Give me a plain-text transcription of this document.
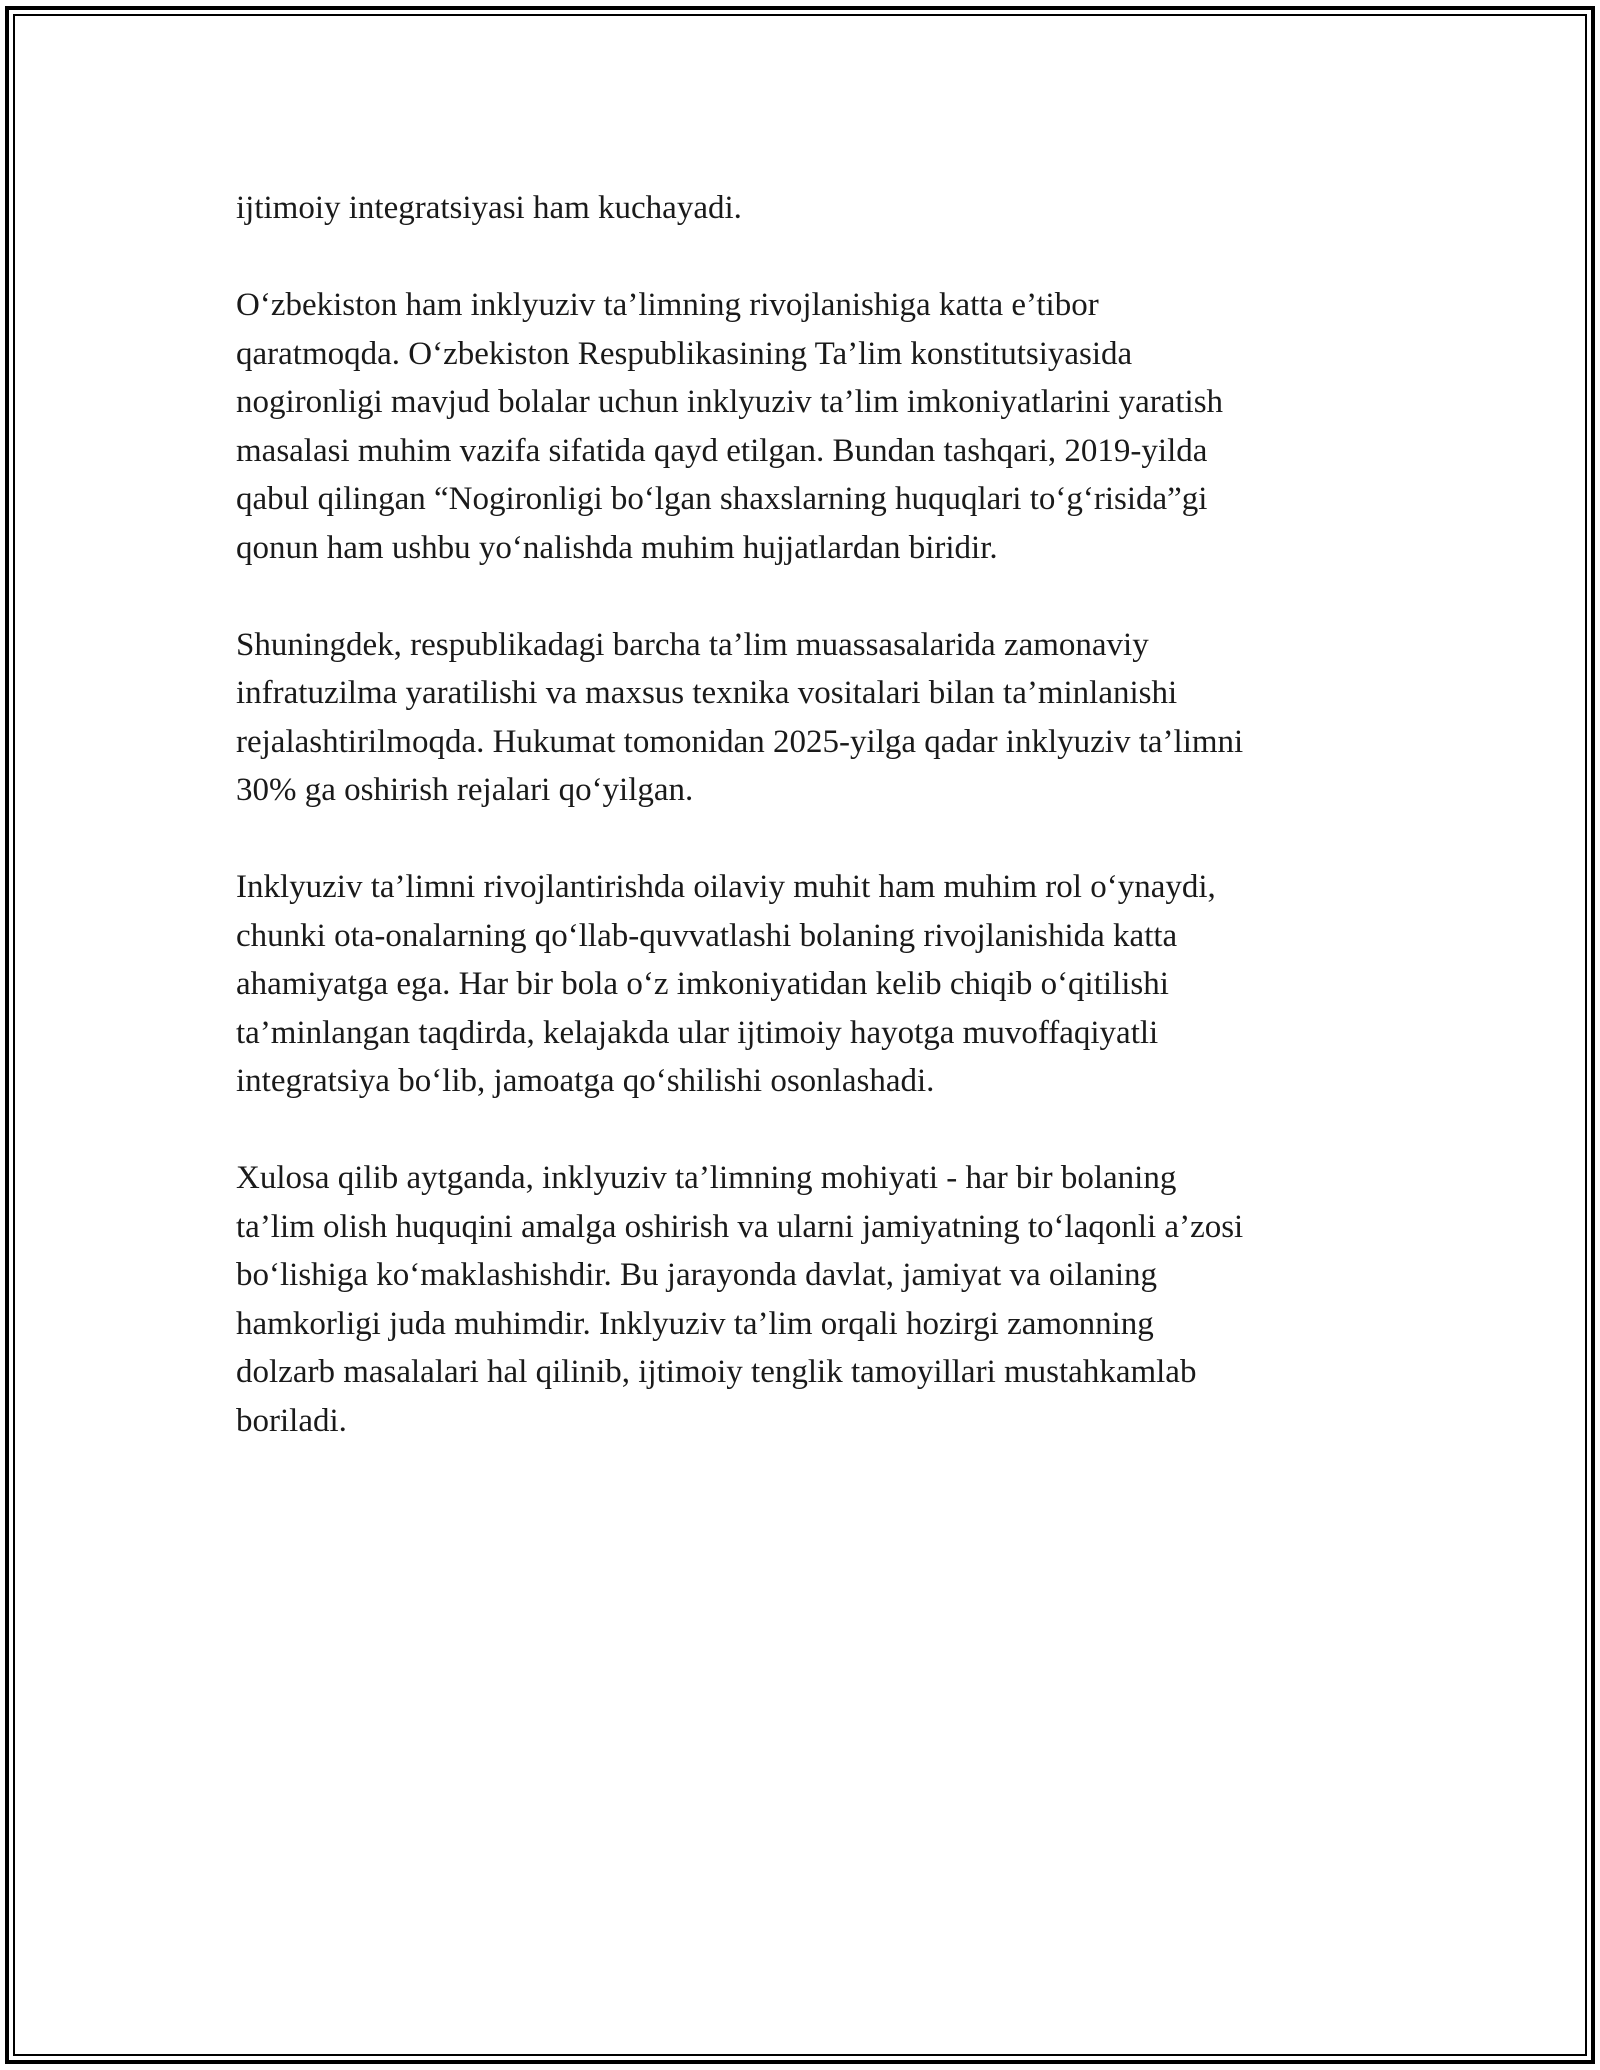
ijtimoiy integratsiyasi ham kuchayadi.

O‘zbekiston ham inklyuziv ta’limning rivojlanishiga katta e’tibor
qaratmoqda. O‘zbekiston Respublikasining Ta’lim konstitutsiyasida
nogironligi mavjud bolalar uchun inklyuziv ta’lim imkoniyatlarini yaratish
masalasi muhim vazifa sifatida qayd etilgan. Bundan tashqari, 2019-yilda
qabul qilingan “Nogironligi bo‘lgan shaxslarning huquqlari to‘g‘risida”gi
qonun ham ushbu yo‘nalishda muhim hujjatlardan biridir.

Shuningdek, respublikadagi barcha ta’lim muassasalarida zamonaviy
infratuzilma yaratilishi va maxsus texnika vositalari bilan ta’minlanishi
rejalashtirilmoqda. Hukumat tomonidan 2025-yilga qadar inklyuziv ta’limni
30% ga oshirish rejalari qo‘yilgan.

Inklyuziv ta’limni rivojlantirishda oilaviy muhit ham muhim rol o‘ynaydi,
chunki ota-onalarning qo‘llab-quvvatlashi bolaning rivojlanishida katta
ahamiyatga ega. Har bir bola o‘z imkoniyatidan kelib chiqib o‘qitilishi
ta’minlangan taqdirda, kelajakda ular ijtimoiy hayotga muvoffaqiyatli
integratsiya bo‘lib, jamoatga qo‘shilishi osonlashadi.

Xulosa qilib aytganda, inklyuziv ta’limning mohiyati - har bir bolaning
ta’lim olish huquqini amalga oshirish va ularni jamiyatning to‘laqonli a’zosi
bo‘lishiga ko‘maklashishdir. Bu jarayonda davlat, jamiyat va oilaning
hamkorligi juda muhimdir. Inklyuziv ta’lim orqali hozirgi zamonning
dolzarb masalalari hal qilinib, ijtimoiy tenglik tamoyillari mustahkamlab
boriladi.
